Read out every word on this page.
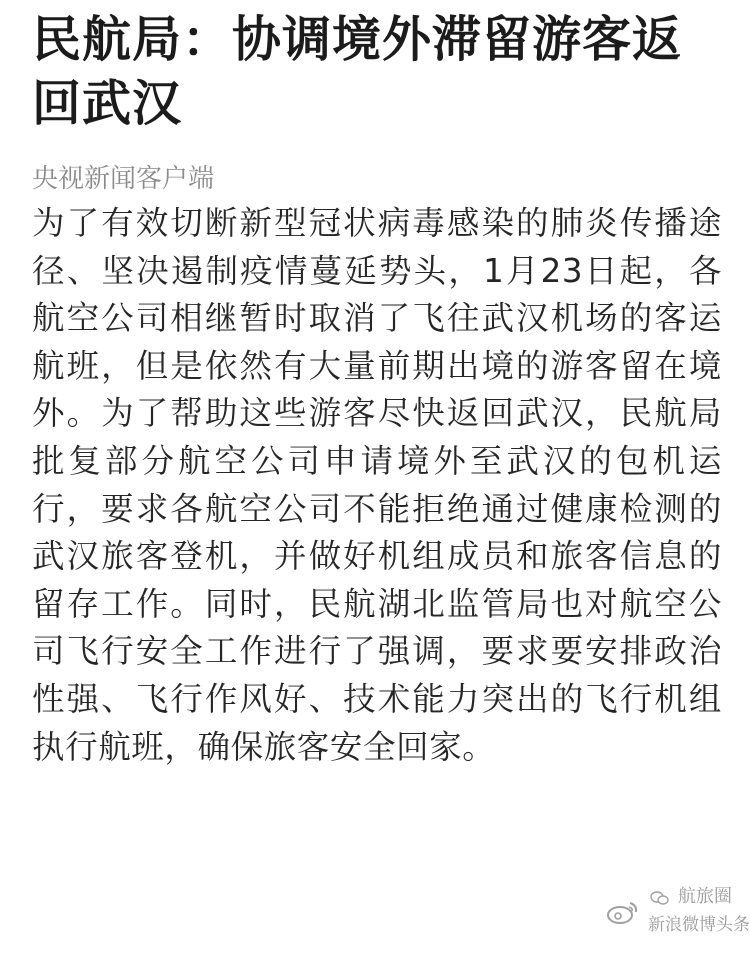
民航局：协调境外滞留游客返回武汉
央视新闻客户端
为了有效切断新型冠状病毒感染的肺炎传播途径、坚决遏制疫情蔓延势头，1月23日起，各航空公司相继暂时取消了飞往武汉机场的客运航班，但是依然有大量前期出境的游客留在境外。为了帮助这些游客尽快返回武汉，民航局批复部分航空公司申请境外至武汉的包机运行，要求各航空公司不能拒绝通过健康检测的武汉旅客登机，并做好机组成员和旅客信息的留存工作。同时，民航湖北监管局也对航空公司飞行安全工作进行了强调，要求要安排政治性强、飞行作风好、技术能力突出的飞行机组执行航班，确保旅客安全回家。
航旅圈
新浪微博头条
